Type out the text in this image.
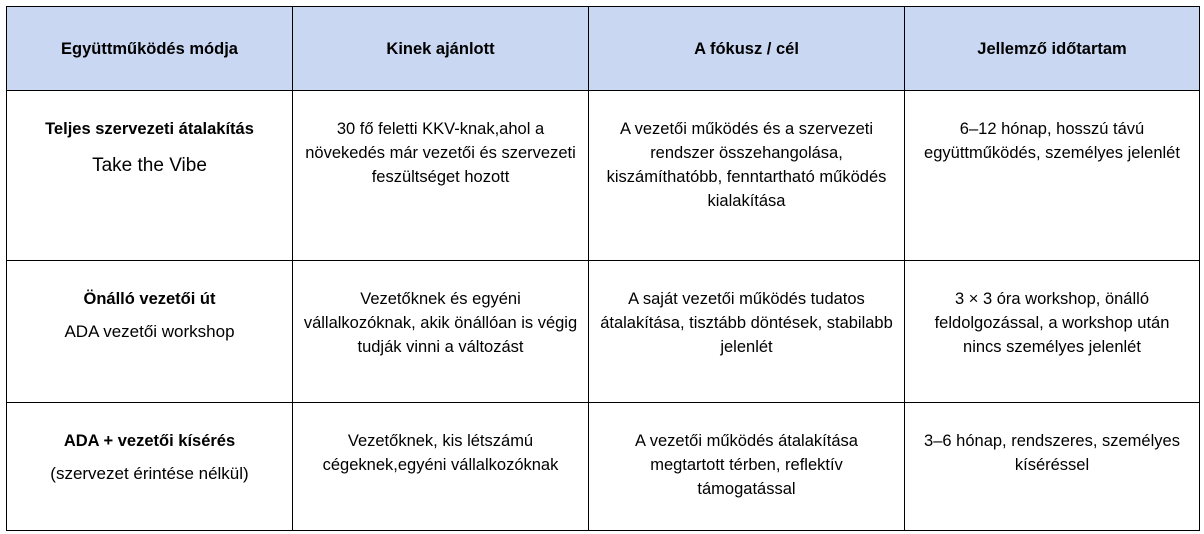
Együttműködés módja	Kinek ajánlott	A fókusz / cél	Jellemző időtartam

Teljes szervezeti átalakítás
Take the Vibe	30 fő feletti KKV-knak,ahol a növekedés már vezetői és szervezeti feszültséget hozott	A vezetői működés és a szervezeti rendszer összehangolása, kiszámíthatóbb, fenntartható működés kialakítása	6–12 hónap, hosszú távú együttműködés, személyes jelenlét

Önálló vezetői út
ADA vezetői workshop	Vezetőknek és egyéni vállalkozóknak, akik önállóan is végig tudják vinni a változást	A saját vezetői működés tudatos átalakítása, tisztább döntések, stabilabb jelenlét	3 × 3 óra workshop, önálló feldolgozással, a workshop után nincs személyes jelenlét

ADA + vezetői kísérés
(szervezet érintése nélkül)	Vezetőknek, kis létszámú cégeknek,egyéni vállalkozóknak	A vezetői működés átalakítása megtartott térben, reflektív támogatással	3–6 hónap, rendszeres, személyes kíséréssel
